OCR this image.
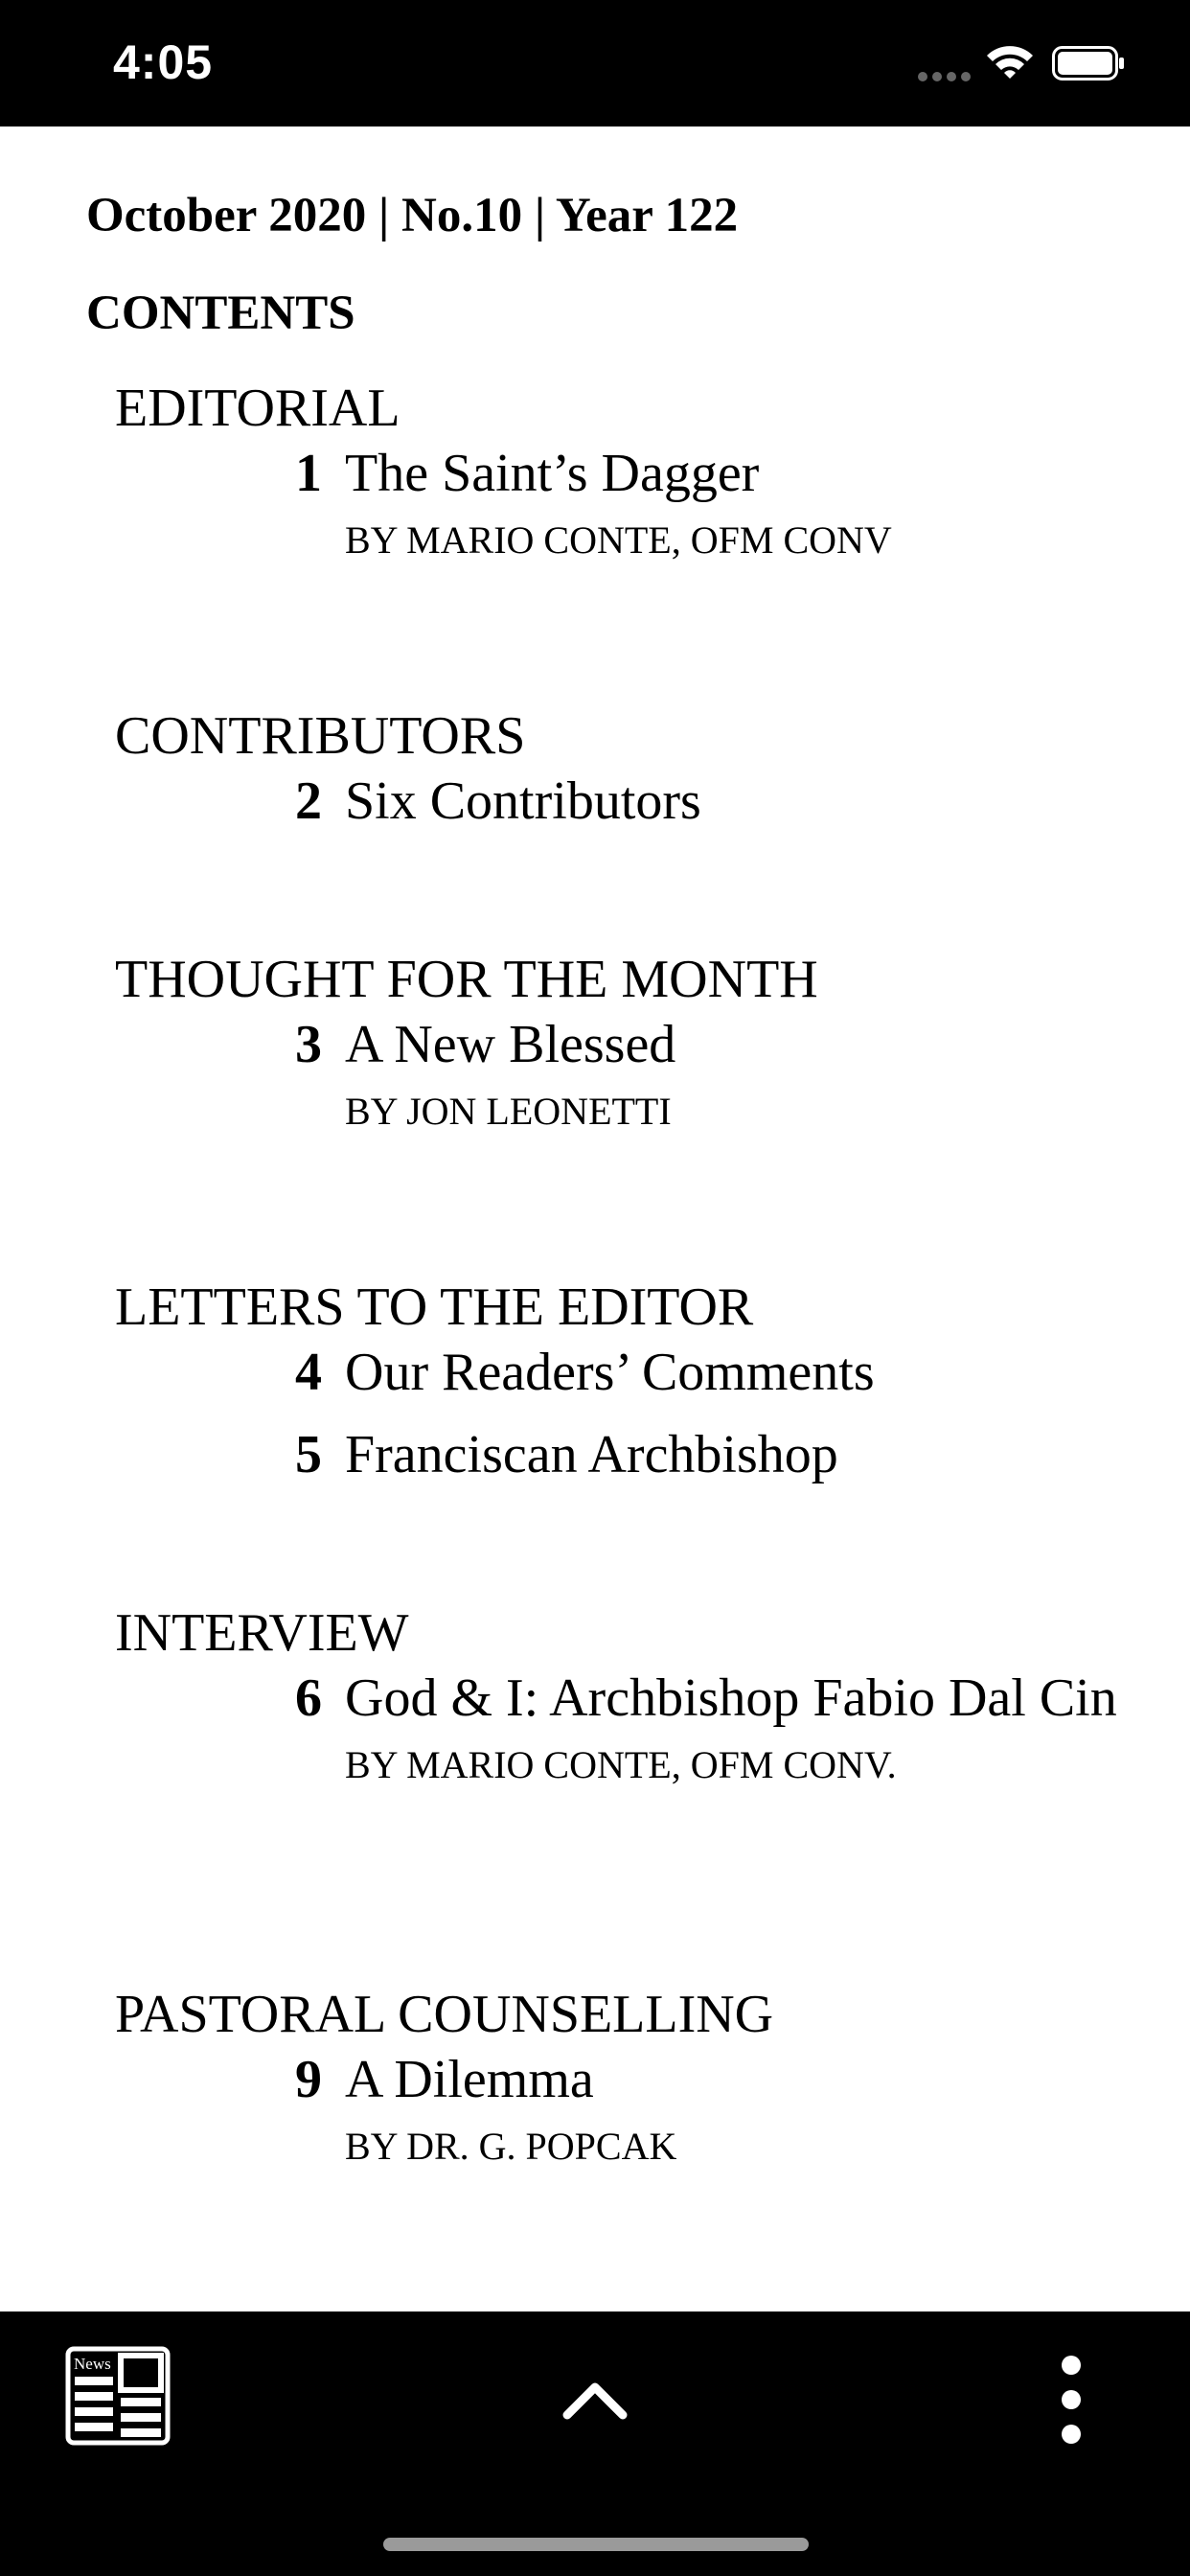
4:05
October 2020 | No.10 | Year 122
CONTENTS
EDITORIAL
1 The Saint’s Dagger
BY MARIO CONTE, OFM CONV
CONTRIBUTORS
2 Six Contributors
THOUGHT FOR THE MONTH
3 A New Blessed
BY JON LEONETTI
LETTERS TO THE EDITOR
4 Our Readers’ Comments
5 Franciscan Archbishop
INTERVIEW
6 God & I: Archbishop Fabio Dal Cin
BY MARIO CONTE, OFM CONV.
PASTORAL COUNSELLING
9 A Dilemma
BY DR. G. POPCAK
News
